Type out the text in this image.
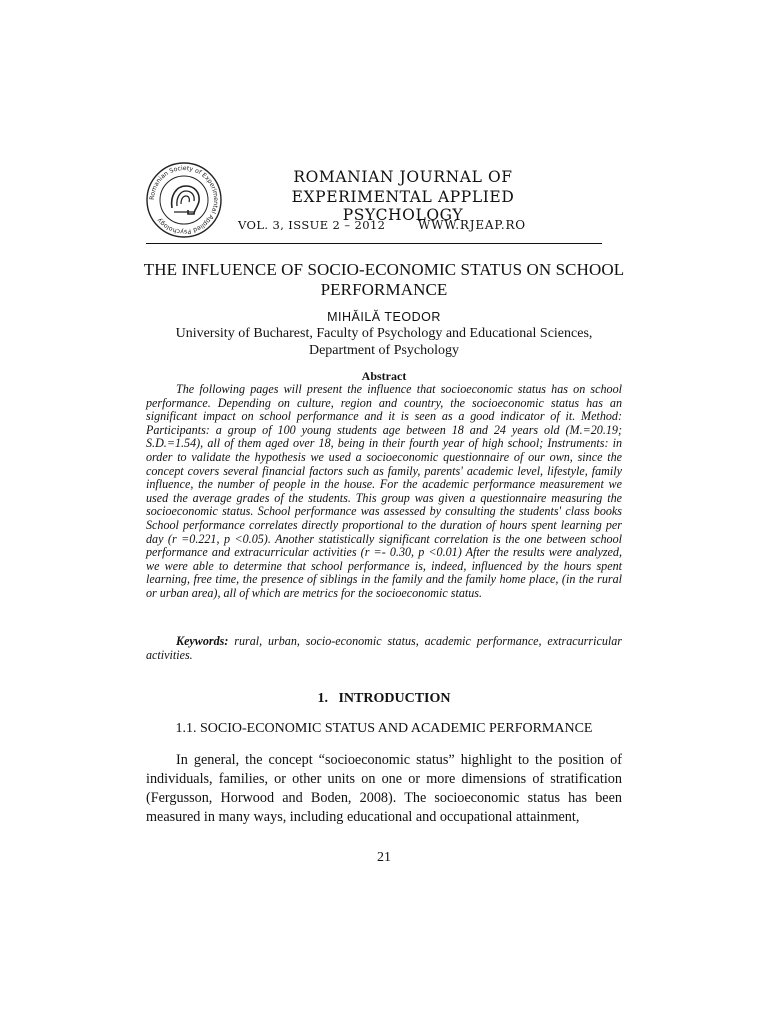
Romanian Society of Experimental Applied Psychology
ROMANIAN JOURNAL OF
EXPERIMENTAL APPLIED PSYCHOLOGY
VOL. 3, ISSUE 2 – 2012	WWW.RJEAP.RO
THE INFLUENCE OF SOCIO-ECONOMIC STATUS ON SCHOOL PERFORMANCE
MIHĂILĂ TEODOR
University of Bucharest, Faculty of Psychology and Educational Sciences,
Department of Psychology
Abstract

The following pages will present the influence that socioeconomic status has on school performance. Depending on culture, region and country, the socioeconomic status has an significant impact on school performance and it is seen as a good indicator of it. Method: Participants: a group of 100 young students age between 18 and 24 years old (M.=20.19; S.D.=1.54), all of them aged over 18, being in their fourth year of high school; Instruments: in order to validate the hypothesis we used a socioeconomic questionnaire of our own, since the concept covers several financial factors such as family, parents' academic level, lifestyle, family influence, the number of people in the house. For the academic performance measurement we used the average grades of the students. This group was given a questionnaire measuring the socioeconomic status. School performance was assessed by consulting the students' class books School performance correlates directly proportional to the duration of hours spent learning per day (r =0.221, p <0.05). Another statistically significant correlation is the one between school performance and extracurricular activities (r =- 0.30, p <0.01) After the results were analyzed, we were able to determine that school performance is, indeed, influenced by the hours spent learning, free time, the presence of siblings in the family and the family home place, (in the rural or urban area), all of which are metrics for the socioeconomic status.

Keywords: rural, urban, socio-economic status, academic performance, extracurricular activities.
1.   INTRODUCTION
1.1. SOCIO-ECONOMIC STATUS AND ACADEMIC PERFORMANCE

In general, the concept “socioeconomic status” highlight to the position of individuals, families, or other units on one or more dimensions of stratification (Fergusson, Horwood and Boden, 2008). The socioeconomic status has been measured in many ways, including educational and occupational attainment,

21
